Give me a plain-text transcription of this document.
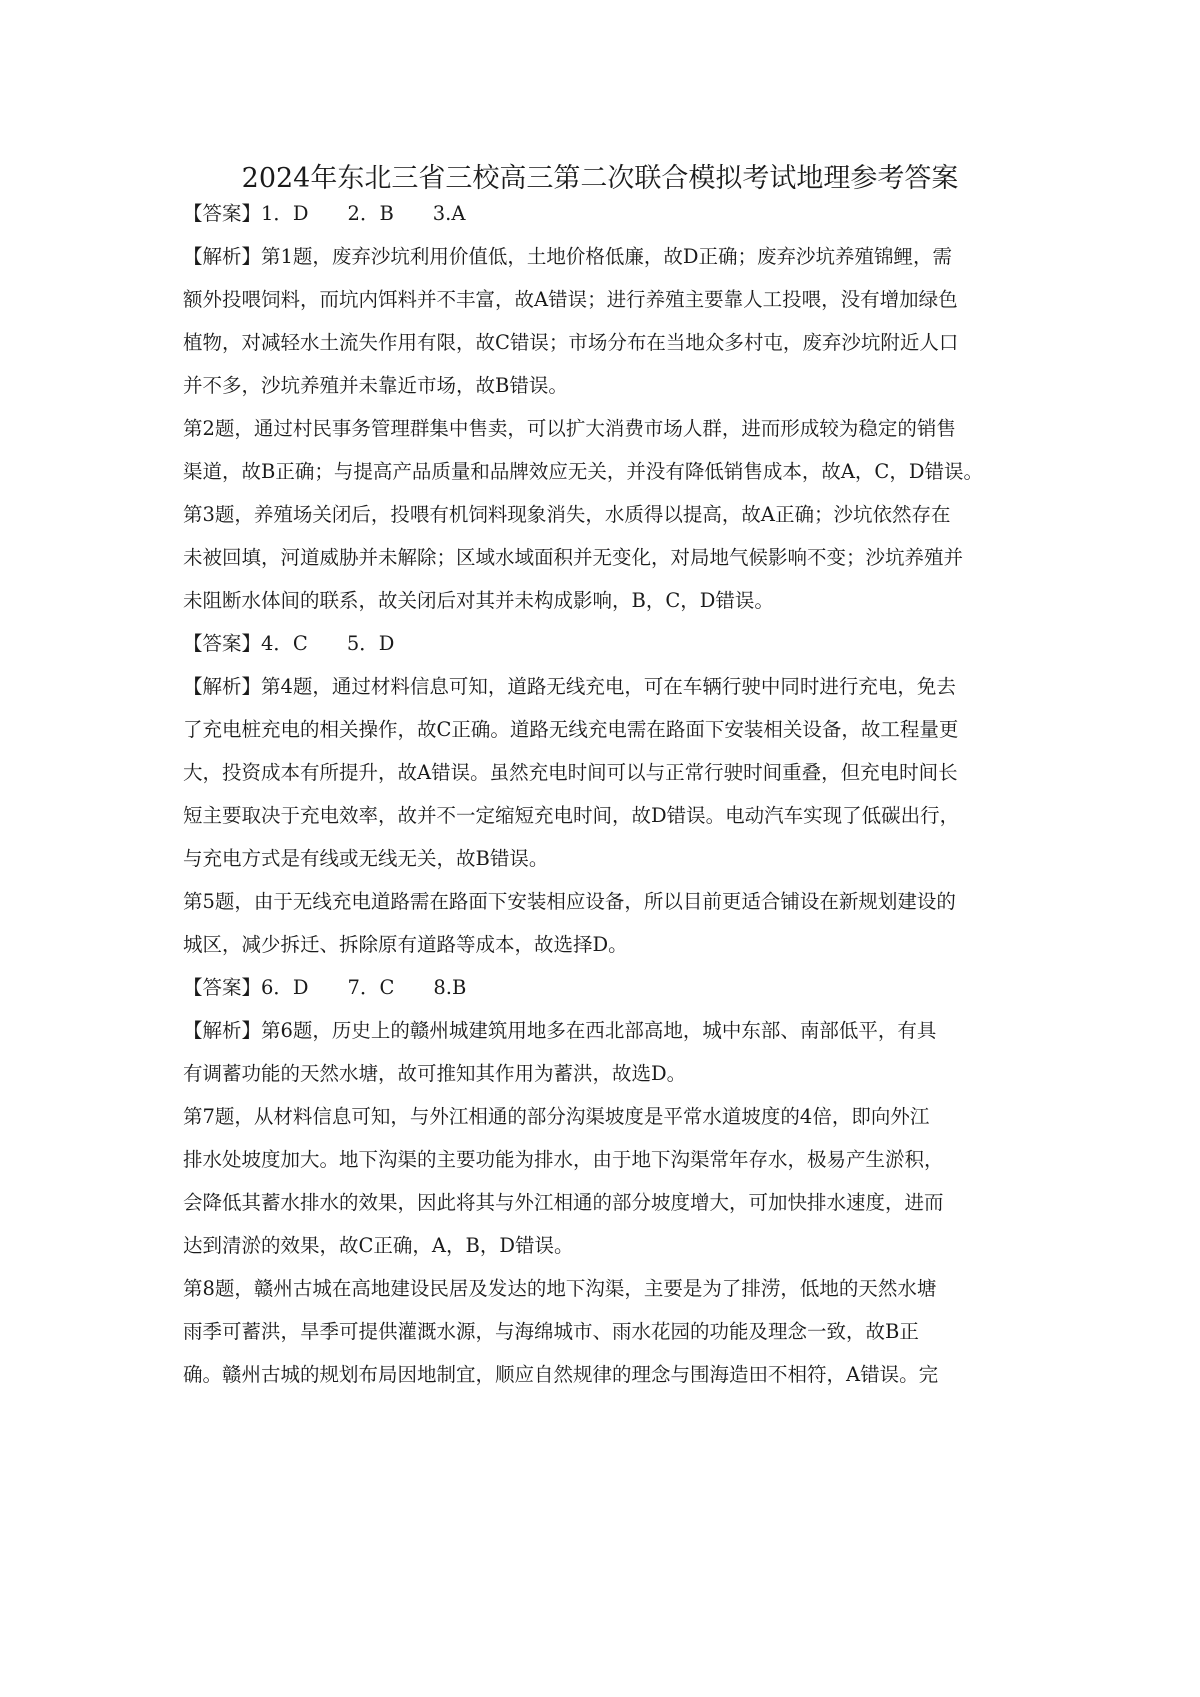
2024年东北三省三校高三第二次联合模拟考试地理参考答案
【答案】1．D　　2．B　　3.A
【解析】第1题，废弃沙坑利用价值低，土地价格低廉，故D正确；废弃沙坑养殖锦鲤，需
额外投喂饲料，而坑内饵料并不丰富，故A错误；进行养殖主要靠人工投喂，没有增加绿色
植物，对减轻水土流失作用有限，故C错误；市场分布在当地众多村屯，废弃沙坑附近人口
并不多，沙坑养殖并未靠近市场，故B错误。
第2题，通过村民事务管理群集中售卖，可以扩大消费市场人群，进而形成较为稳定的销售
渠道，故B正确；与提高产品质量和品牌效应无关，并没有降低销售成本，故A，C，D错误。
第3题，养殖场关闭后，投喂有机饲料现象消失，水质得以提高，故A正确；沙坑依然存在
未被回填，河道威胁并未解除；区域水域面积并无变化，对局地气候影响不变；沙坑养殖并
未阻断水体间的联系，故关闭后对其并未构成影响，B，C，D错误。
【答案】4．C　　5．D
【解析】第4题，通过材料信息可知，道路无线充电，可在车辆行驶中同时进行充电，免去
了充电桩充电的相关操作，故C正确。道路无线充电需在路面下安装相关设备，故工程量更
大，投资成本有所提升，故A错误。虽然充电时间可以与正常行驶时间重叠，但充电时间长
短主要取决于充电效率，故并不一定缩短充电时间，故D错误。电动汽车实现了低碳出行，
与充电方式是有线或无线无关，故B错误。
第5题，由于无线充电道路需在路面下安装相应设备，所以目前更适合铺设在新规划建设的
城区，减少拆迁、拆除原有道路等成本，故选择D。
【答案】6．D　　7．C　　8.B
【解析】第6题，历史上的赣州城建筑用地多在西北部高地，城中东部、南部低平，有具
有调蓄功能的天然水塘，故可推知其作用为蓄洪，故选D。
第7题，从材料信息可知，与外江相通的部分沟渠坡度是平常水道坡度的4倍，即向外江
排水处坡度加大。地下沟渠的主要功能为排水，由于地下沟渠常年存水，极易产生淤积，
会降低其蓄水排水的效果，因此将其与外江相通的部分坡度增大，可加快排水速度，进而
达到清淤的效果，故C正确，A，B，D错误。
第8题，赣州古城在高地建设民居及发达的地下沟渠，主要是为了排涝，低地的天然水塘
雨季可蓄洪，旱季可提供灌溉水源，与海绵城市、雨水花园的功能及理念一致，故B正
确。赣州古城的规划布局因地制宜，顺应自然规律的理念与围海造田不相符，A错误。完
